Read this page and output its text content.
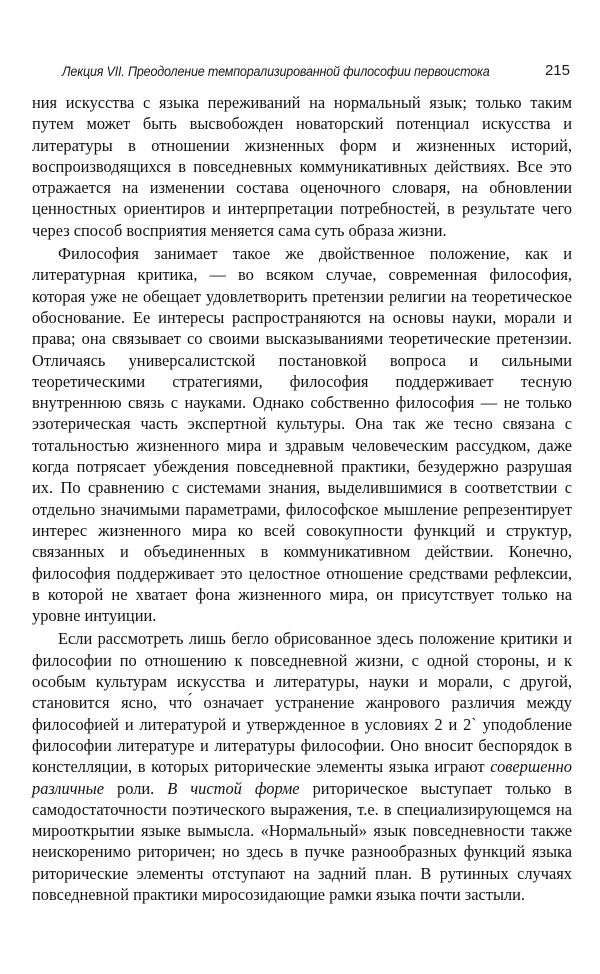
Лекция VII. Преодоление темпорализированной философии первоистока	215

ния искусства с языка переживаний на нормальный язык; только таким путем может быть высвобожден новаторский потенциал искусства и литературы в отношении жизненных форм и жизненных историй, воспроизводящихся в повседневных коммуникативных действиях. Все это отражается на изменении состава оценочного словаря, на обновлении ценностных ориентиров и интерпретации потребностей, в результате чего через способ восприятия меняется сама суть образа жизни.

Философия занимает такое же двойственное положение, как и литературная критика, — во всяком случае, современная философия, которая уже не обещает удовлетворить претензии религии на теоретическое обоснование. Ее интересы распространяются на основы науки, морали и права; она связывает со своими высказываниями теоретические претензии. Отличаясь универсалистской постановкой вопроса и сильными теоретическими стратегиями, философия поддерживает тесную внутреннюю связь с науками. Однако собственно философия — не только эзотерическая часть экспертной культуры. Она так же тесно связана с тотальностью жизненного мира и здравым человеческим рассудком, даже когда потрясает убеждения повседневной практики, безудержно разрушая их. По сравнению с системами знания, выделившимися в соответствии с отдельно значимыми параметрами, философское мышление репрезентирует интерес жизненного мира ко всей совокупности функций и структур, связанных и объединенных в коммуникативном действии. Конечно, философия поддерживает это целостное отношение средствами рефлексии, в которой не хватает фона жизненного мира, он присутствует только на уровне интуиции.

Если рассмотреть лишь бегло обрисованное здесь положение критики и философии по отношению к повседневной жизни, с одной стороны, и к особым культурам искусства и литературы, науки и морали, с другой, становится ясно, что́ означает устранение жанрового различия между философией и литературой и утвержденное в условиях 2 и 2` уподобление философии литературе и литературы философии. Оно вносит беспорядок в констелляции, в которых риторические элементы языка играют совершенно различные роли. В чистой форме риторическое выступает только в самодостаточности поэтического выражения, т.е. в специализирующемся на мирооткрытии языке вымысла. «Нормальный» язык повседневности также неискоренимо риторичен; но здесь в пучке разнообразных функций языка риторические элементы отступают на задний план. В рутинных случаях повседневной практики миросозидающие рамки языка почти застыли.
